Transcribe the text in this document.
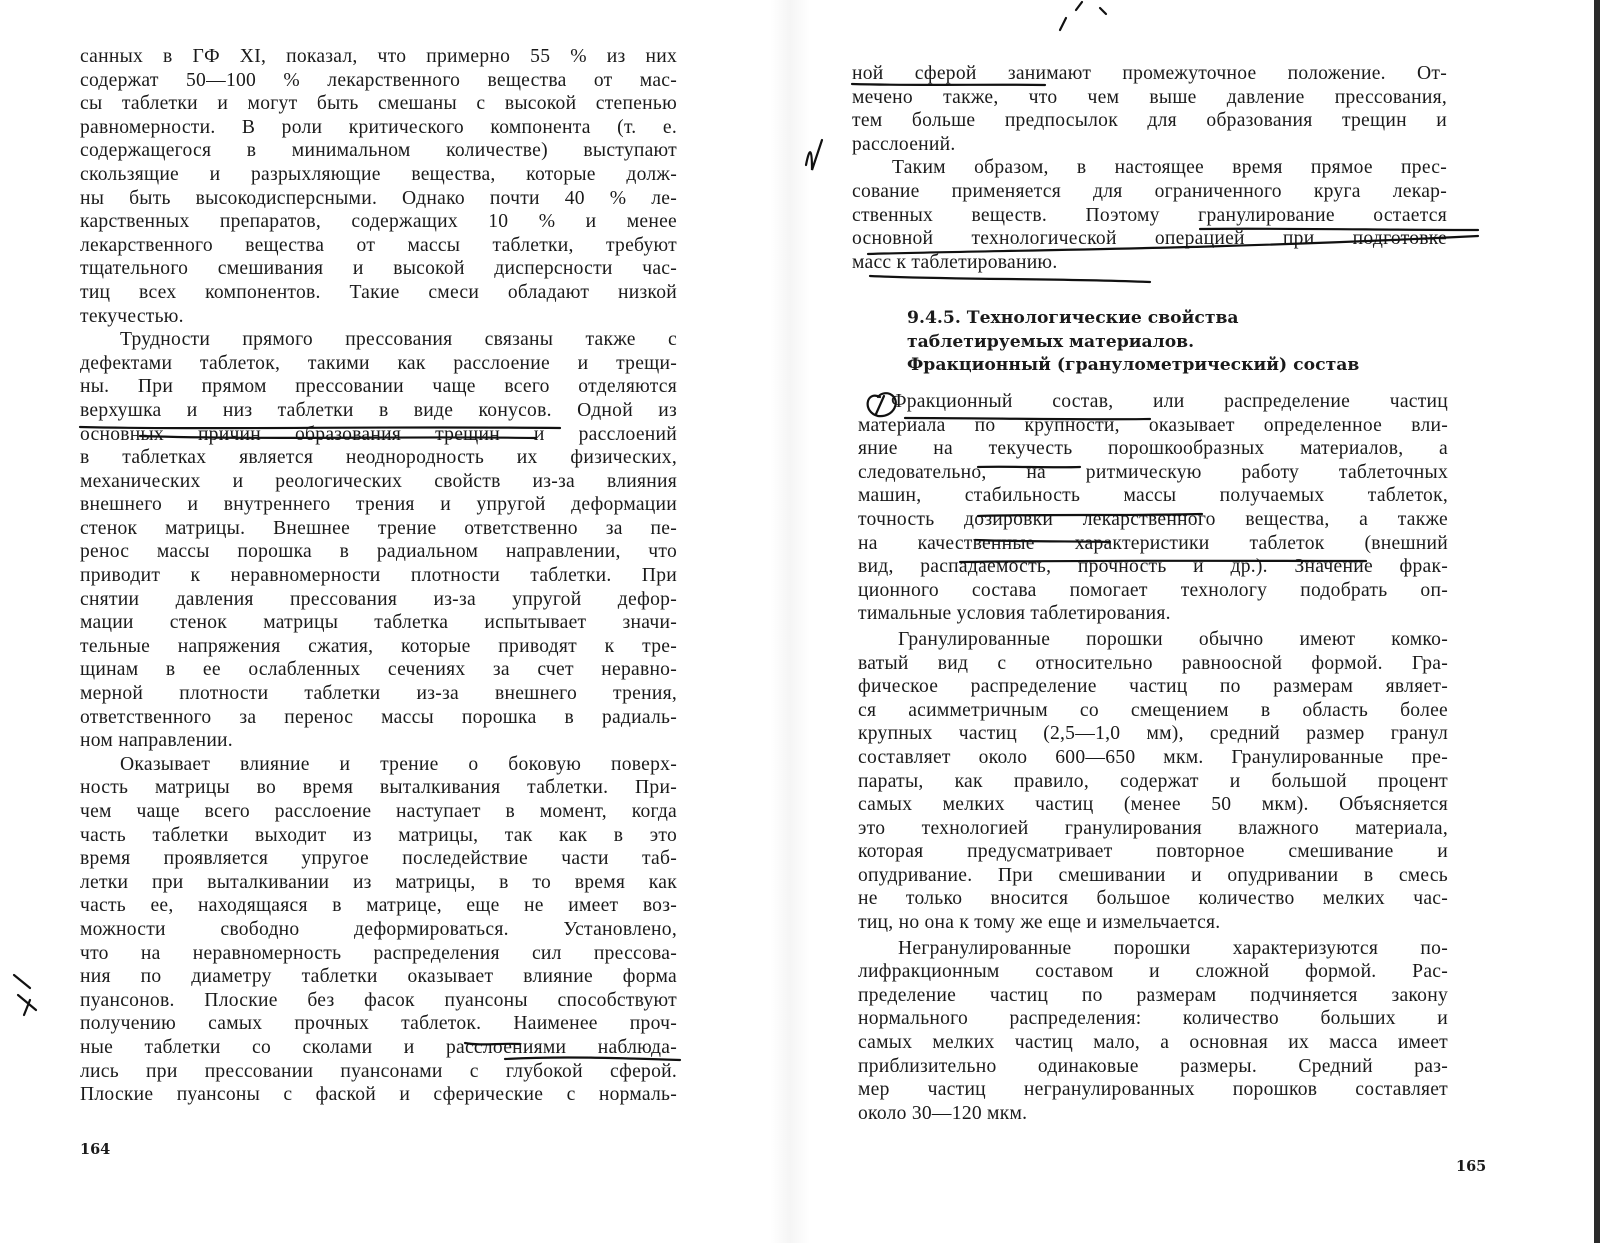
санных в ГФ XI, показал, что примерно 55 % из них
содержат 50—100 % лекарственного вещества от мас-
сы таблетки и могут быть смешаны с высокой степенью
равномерности. В роли критического компонента (т. е.
содержащегося в минимальном количестве) выступают
скользящие и разрыхляющие вещества, которые долж-
ны быть высокодисперсными. Однако почти 40 % ле-
карственных препаратов, содержащих 10 % и менее
лекарственного вещества от массы таблетки, требуют
тщательного смешивания и высокой дисперсности час-
тиц всех компонентов. Такие смеси обладают низкой
текучестью.
Трудности прямого прессования связаны также с
дефектами таблеток, такими как расслоение и трещи-
ны. При прямом прессовании чаще всего отделяются
верхушка и низ таблетки в виде конусов. Одной из
основных причин образования трещин и расслоений
в таблетках является неоднородность их физических,
механических и реологических свойств из-за влияния
внешнего и внутреннего трения и упругой деформации
стенок матрицы. Внешнее трение ответственно за пе-
ренос массы порошка в радиальном направлении, что
приводит к неравномерности плотности таблетки. При
снятии давления прессования из-за упругой дефор-
мации стенок матрицы таблетка испытывает значи-
тельные напряжения сжатия, которые приводят к тре-
щинам в ее ослабленных сечениях за счет неравно-
мерной плотности таблетки из-за внешнего трения,
ответственного за перенос массы порошка в радиаль-
ном направлении.
Оказывает влияние и трение о боковую поверх-
ность матрицы во время выталкивания таблетки. При-
чем чаще всего расслоение наступает в момент, когда
часть таблетки выходит из матрицы, так как в это
время проявляется упругое последействие части таб-
летки при выталкивании из матрицы, в то время как
часть ее, находящаяся в матрице, еще не имеет воз-
можности свободно деформироваться. Установлено,
что на неравномерность распределения сил прессова-
ния по диаметру таблетки оказывает влияние форма
пуансонов. Плоские без фасок пуансоны способствуют
получению самых прочных таблеток. Наименее проч-
ные таблетки со сколами и расслоениями наблюда-
лись при прессовании пуансонами с глубокой сферой.
Плоские пуансоны с фаской и сферические с нормаль-
164
ной сферой занимают промежуточное положение. От-
мечено также, что чем выше давление прессования,
тем больше предпосылок для образования трещин и
расслоений.
Таким образом, в настоящее время прямое прес-
сование применяется для ограниченного круга лекар-
ственных веществ. Поэтому гранулирование остается
основной технологической операцией при подготовке
масс к таблетированию.
9.4.5. Технологические свойства
таблетируемых материалов.
Фракционный (гранулометрический) состав
Фракционный состав, или распределение частиц
материала по крупности, оказывает определенное вли-
яние на текучесть порошкообразных материалов, а
следовательно, на ритмическую работу таблеточных
машин, стабильность массы получаемых таблеток,
точность дозировки лекарственного вещества, а также
на качественные характеристики таблеток (внешний
вид, распадаемость, прочность и др.). Значение фрак-
ционного состава помогает технологу подобрать оп-
тимальные условия таблетирования.
Гранулированные порошки обычно имеют комко-
ватый вид с относительно равноосной формой. Гра-
фическое распределение частиц по размерам являет-
ся асимметричным со смещением в область более
крупных частиц (2,5—1,0 мм), средний размер гранул
составляет около 600—650 мкм. Гранулированные пре-
параты, как правило, содержат и большой процент
самых мелких частиц (менее 50 мкм). Объясняется
это технологией гранулирования влажного материала,
которая предусматривает повторное смешивание и
опудривание. При смешивании и опудривании в смесь
не только вносится большое количество мелких час-
тиц, но она к тому же еще и измельчается.
Негранулированные порошки характеризуются по-
лифракционным составом и сложной формой. Рас-
пределение частиц по размерам подчиняется закону
нормального распределения: количество больших и
самых мелких частиц мало, а основная их масса имеет
приблизительно одинаковые размеры. Средний раз-
мер частиц негранулированных порошков составляет
около 30—120 мкм.
165
